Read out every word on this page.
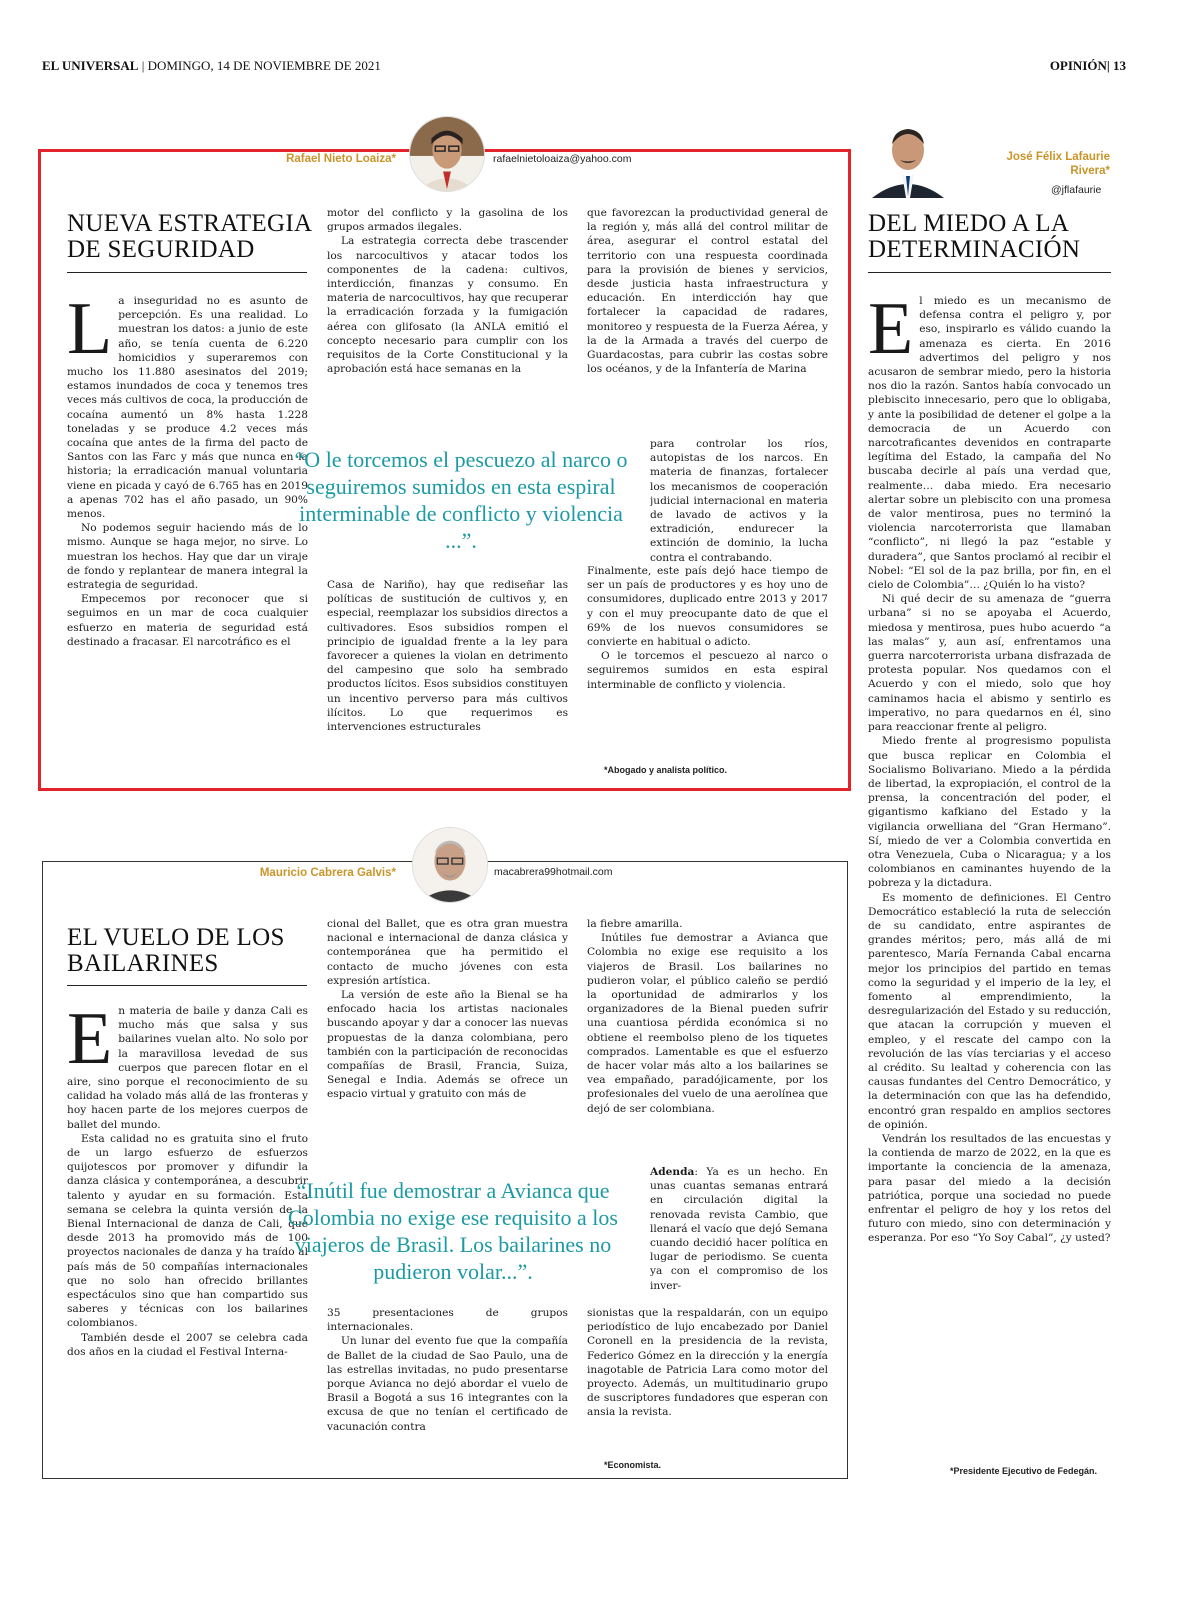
EL UNIVERSAL | DOMINGO, 14 DE NOVIEMBRE DE 2021	OPINIÓN| 13
Rafael Nieto Loaiza*	rafaelnietoloaiza@yahoo.com
NUEVA ESTRATEGIA
DE SEGURIDAD

La inseguridad no es asunto de percepción. Es una realidad. Lo muestran los datos: a junio de este año, se tenía cuenta de 6.220 homicidios y superaremos con mucho los 11.880 asesinatos del 2019; estamos inundados de coca y tenemos tres veces más cultivos de coca, la producción de cocaína aumentó un 8% hasta 1.228 toneladas y se produce 4.2 veces más cocaína que antes de la firma del pacto de Santos con las Farc y más que nunca en la historia; la erradicación manual voluntaria viene en picada y cayó de 6.765 has en 2019 a apenas 702 has el año pasado, un 90% menos.

No podemos seguir haciendo más de lo mismo. Aunque se haga mejor, no sirve. Lo muestran los hechos. Hay que dar un viraje de fondo y replantear de manera integral la estrategia de seguridad.

Empecemos por reconocer que si seguimos en un mar de coca cualquier esfuerzo en materia de seguridad está destinado a fracasar. El narcotráfico es el

motor del conflicto y la gasolina de los grupos armados ilegales.

La estrategia correcta debe trascender los narcocultivos y atacar todos los componentes de la cadena: cultivos, interdicción, finanzas y consumo. En materia de narcocultivos, hay que recuperar la erradicación forzada y la fumigación aérea con glifosato (la ANLA emitió el concepto necesario para cumplir con los requisitos de la Corte Constitucional y la aprobación está hace semanas en la

que favorezcan la productividad general de la región y, más allá del control militar de área, asegurar el control estatal del territorio con una respuesta coordinada para la provisión de bienes y servicios, desde justicia hasta infraestructura y educación. En interdicción hay que fortalecer la capacidad de radares, monitoreo y respuesta de la Fuerza Aérea, y la de la Armada a través del cuerpo de Guardacostas, para cubrir las costas sobre los océanos, y de la Infantería de Marina

“O le torcemos el pescuezo al narco o seguiremos sumidos en esta espiral interminable de conflicto y violencia ...”.

para controlar los ríos, autopistas de los narcos. En materia de finanzas, fortalecer los mecanismos de cooperación judicial internacional en materia de lavado de activos y la extradición, endurecer la extinción de dominio, la lucha contra el contrabando.

Casa de Nariño), hay que rediseñar las políticas de sustitución de cultivos y, en especial, reemplazar los subsidios directos a cultivadores. Esos subsidios rompen el principio de igualdad frente a la ley para favorecer a quienes la violan en detrimento del campesino que solo ha sembrado productos lícitos. Esos subsidios constituyen un incentivo perverso para más cultivos ilícitos. Lo que requerimos es intervenciones estructurales

Finalmente, este país dejó hace tiempo de ser un país de productores y es hoy uno de consumidores, duplicado entre 2013 y 2017 y con el muy preocupante dato de que el 69% de los nuevos consumidores se convierte en habitual o adicto.

O le torcemos el pescuezo al narco o seguiremos sumidos en esta espiral interminable de conflicto y violencia.

*Abogado y analista político.
Mauricio Cabrera Galvis*	macabrera99hotmail.com
EL VUELO DE LOS
BAILARINES

En materia de baile y danza Cali es mucho más que salsa y sus bailarines vuelan alto. No solo por la maravillosa levedad de sus cuerpos que parecen flotar en el aire, sino porque el reconocimiento de su calidad ha volado más allá de las fronteras y hoy hacen parte de los mejores cuerpos de ballet del mundo.

Esta calidad no es gratuita sino el fruto de un largo esfuerzo de esfuerzos quijotescos por promover y difundir la danza clásica y contemporánea, a descubrir talento y ayudar en su formación. Esta semana se celebra la quinta versión de la Bienal Internacional de danza de Cali, que desde 2013 ha promovido más de 100 proyectos nacionales de danza y ha traído al país más de 50 compañías internacionales que no solo han ofrecido brillantes espectáculos sino que han compartido sus saberes y técnicas con los bailarines colombianos.

También desde el 2007 se celebra cada dos años en la ciudad el Festival Interna-

cional del Ballet, que es otra gran muestra nacional e internacional de danza clásica y contemporánea que ha permitido el contacto de mucho jóvenes con esta expresión artística.

La versión de este año la Bienal se ha enfocado hacia los artistas nacionales buscando apoyar y dar a conocer las nuevas propuestas de la danza colombiana, pero también con la participación de reconocidas compañías de Brasil, Francia, Suiza, Senegal e India. Además se ofrece un espacio virtual y gratuito con más de

la fiebre amarilla.

Inútiles fue demostrar a Avianca que Colombia no exige ese requisito a los viajeros de Brasil. Los bailarines no pudieron volar, el público caleño se perdió la oportunidad de admirarlos y los organizadores de la Bienal pueden sufrir una cuantiosa pérdida económica si no obtiene el reembolso pleno de los tiquetes comprados. Lamentable es que el esfuerzo de hacer volar más alto a los bailarines se vea empañado, paradójicamente, por los profesionales del vuelo de una aerolínea que dejó de ser colombiana.

“Inútil fue demostrar a Avianca que Colombia no exige ese requisito a los viajeros de Brasil. Los bailarines no pudieron volar...”.

Adenda: Ya es un hecho. En unas cuantas semanas entrará en circulación digital la renovada revista Cambio, que llenará el vacío que dejó Semana cuando decidió hacer política en lugar de periodismo. Se cuenta ya con el compromiso de los inver-

35 presentaciones de grupos internacionales.

Un lunar del evento fue que la compañía de Ballet de la ciudad de Sao Paulo, una de las estrellas invitadas, no pudo presentarse porque Avianca no dejó abordar el vuelo de Brasil a Bogotá a sus 16 integrantes con la excusa de que no tenían el certificado de vacunación contra

sionistas que la respaldarán, con un equipo periodístico de lujo encabezado por Daniel Coronell en la presidencia de la revista, Federico Gómez en la dirección y la energía inagotable de Patricia Lara como motor del proyecto. Además, un multitudinario grupo de suscriptores fundadores que esperan con ansia la revista.

*Economista.
José Félix Lafaurie
Rivera*
@jflafaurie
DEL MIEDO A LA
DETERMINACIÓN

El miedo es un mecanismo de defensa contra el peligro y, por eso, inspirarlo es válido cuando la amenaza es cierta. En 2016 advertimos del peligro y nos acusaron de sembrar miedo, pero la historia nos dio la razón. Santos había convocado un plebiscito innecesario, pero que lo obligaba, y ante la posibilidad de detener el golpe a la democracia de un Acuerdo con narcotraficantes devenidos en contraparte legítima del Estado, la campaña del No buscaba decirle al país una verdad que, realmente… daba miedo. Era necesario alertar sobre un plebiscito con una promesa de valor mentirosa, pues no terminó la violencia narcoterrorista que llamaban “conflicto”, ni llegó la paz “estable y duradera”, que Santos proclamó al recibir el Nobel: “El sol de la paz brilla, por fin, en el cielo de Colombia”… ¿Quién lo ha visto?

Ni qué decir de su amenaza de “guerra urbana” si no se apoyaba el Acuerdo, miedosa y mentirosa, pues hubo acuerdo “a las malas” y, aun así, enfrentamos una guerra narcoterrorista urbana disfrazada de protesta popular. Nos quedamos con el Acuerdo y con el miedo, solo que hoy caminamos hacia el abismo y sentirlo es imperativo, no para quedarnos en él, sino para reaccionar frente al peligro.

Miedo frente al progresismo populista que busca replicar en Colombia el Socialismo Bolivariano. Miedo a la pérdida de libertad, la expropiación, el control de la prensa, la concentración del poder, el gigantismo kafkiano del Estado y la vigilancia orwelliana del “Gran Hermano”. Sí, miedo de ver a Colombia convertida en otra Venezuela, Cuba o Nicaragua; y a los colombianos en caminantes huyendo de la pobreza y la dictadura.

Es momento de definiciones. El Centro Democrático estableció la ruta de selección de su candidato, entre aspirantes de grandes méritos; pero, más allá de mi parentesco, María Fernanda Cabal encarna mejor los principios del partido en temas como la seguridad y el imperio de la ley, el fomento al emprendimiento, la desregularización del Estado y su reducción, que atacan la corrupción y mueven el empleo, y el rescate del campo con la revolución de las vías terciarias y el acceso al crédito. Su lealtad y coherencia con las causas fundantes del Centro Democrático, y la determinación con que las ha defendido, encontró gran respaldo en amplios sectores de opinión.

Vendrán los resultados de las encuestas y la contienda de marzo de 2022, en la que es importante la conciencia de la amenaza, para pasar del miedo a la decisión patriótica, porque una sociedad no puede enfrentar el peligro de hoy y los retos del futuro con miedo, sino con determinación y esperanza. Por eso “Yo Soy Cabal”, ¿y usted?

*Presidente Ejecutivo de Fedegán.
